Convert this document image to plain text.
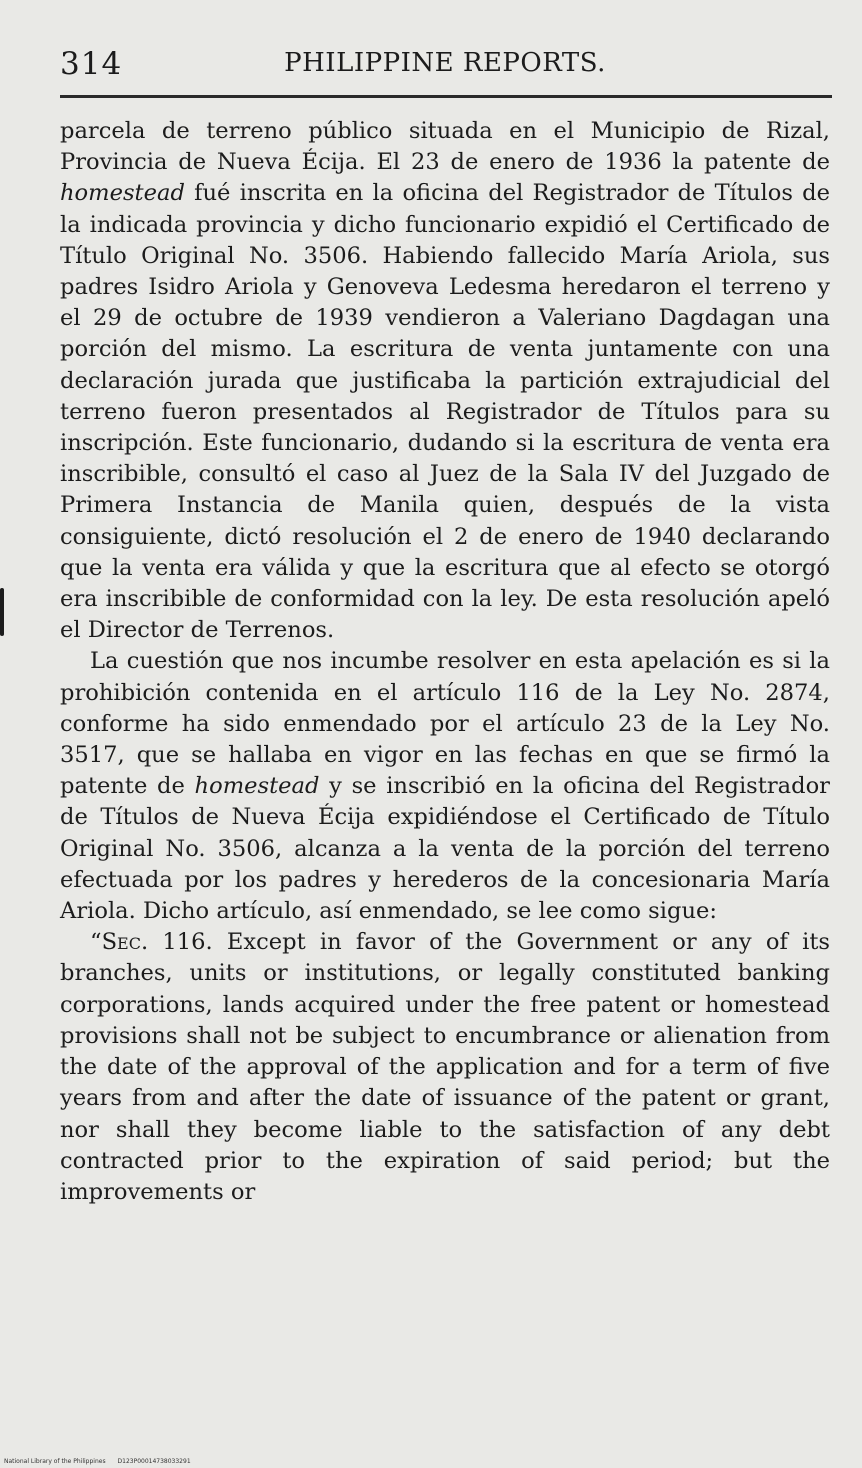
314	PHILIPPINE REPORTS.

parcela de terreno público situada en el Municipio de Rizal, Provincia de Nueva Écija. El 23 de enero de 1936 la patente de homestead fué inscrita en la oficina del Registrador de Títulos de la indicada provincia y dicho funcionario expidió el Certificado de Título Original No. 3506. Habiendo fallecido María Ariola, sus padres Isidro Ariola y Genoveva Ledesma heredaron el terreno y el 29 de octubre de 1939 vendieron a Valeriano Dagdagan una porción del mismo. La escritura de venta juntamente con una declaración jurada que justificaba la partición extrajudicial del terreno fueron presentados al Registrador de Títulos para su inscripción. Este funcionario, dudando si la escritura de venta era inscribible, consultó el caso al Juez de la Sala IV del Juzgado de Primera Instancia de Manila quien, después de la vista consiguiente, dictó resolución el 2 de enero de 1940 declarando que la venta era válida y que la escritura que al efecto se otorgó era inscribible de conformidad con la ley. De esta resolución apeló el Director de Terrenos.

La cuestión que nos incumbe resolver en esta apelación es si la prohibición contenida en el artículo 116 de la Ley No. 2874, conforme ha sido enmendado por el artículo 23 de la Ley No. 3517, que se hallaba en vigor en las fechas en que se firmó la patente de homestead y se inscribió en la oficina del Registrador de Títulos de Nueva Écija expidiéndose el Certificado de Título Original No. 3506, alcanza a la venta de la porción del terreno efectuada por los padres y herederos de la concesionaria María Ariola. Dicho artículo, así enmendado, se lee como sigue:

“Sec. 116. Except in favor of the Government or any of its branches, units or institutions, or legally constituted banking corporations, lands acquired under the free patent or homestead provisions shall not be subject to encumbrance or alienation from the date of the approval of the application and for a term of five years from and after the date of issuance of the patent or grant, nor shall they become liable to the satisfaction of any debt contracted prior to the expiration of said period; but the improvements or

National Library of the Philippines D123P00014738033291
